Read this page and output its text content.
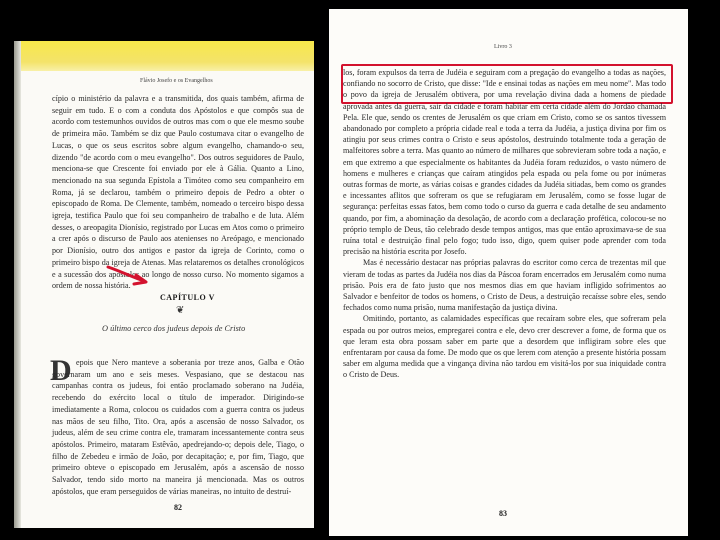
Flávio Josefo e os Evangelhos

cípio o ministério da palavra e a transmitida, dos quais também, afirma de seguir em tudo. E o com a conduta dos Apóstolos e que compôs sua de acordo com testemunhos ouvidos de outros mas com o que ele mesmo soube de primeira mão. Também se diz que Paulo costumava citar o evangelho de Lucas, o que os seus escritos sobre algum evangelho, chamando-o seu, dizendo "de acordo com o meu evangelho". Dos outros seguidores de Paulo, menciona-se que Crescente foi enviado por ele à Gália. Quanto a Lino, mencionado na sua segunda Epístola a Timóteo como seu companheiro em Roma, já se declarou, também o primeiro depois de Pedro a obter o episcopado de Roma. De Clemente, também, nomeado o terceiro bispo dessa igreja, testifica Paulo que foi seu companheiro de trabalho e de luta. Além desses, o areopagita Dionísio, registrado por Lucas em Atos como o primeiro a crer após o discurso de Paulo aos atenienses no Areópago, e mencionado por Dionísio, outro dos antigos e pastor da igreja de Corinto, como o primeiro bispo da igreja de Atenas. Mas relataremos os detalhes cronológicos e a sucessão dos apóstolos ao longo de nosso curso. No momento sigamos a ordem de nossa história.

CAPÍTULO V
❦
O último cerco dos judeus depois de Cristo
D epois que Nero manteve a soberania por treze anos, Galba e Otão governaram um ano e seis meses. Vespasiano, que se destacou nas campanhas contra os judeus, foi então proclamado soberano na Judéia, recebendo do exército local o título de imperador. Dirigindo-se imediatamente a Roma, colocou os cuidados com a guerra contra os judeus nas mãos de seu filho, Tito. Ora, após a ascensão de nosso Salvador, os judeus, além de seu crime contra ele, tramaram incessantemente contra seus apóstolos. Primeiro, mataram Estêvão, apedrejando-o; depois dele, Tiago, o filho de Zebedeu e irmão de João, por decapitação; e, por fim, Tiago, que primeiro obteve o episcopado em Jerusalém, após a ascensão de nosso Salvador, tendo sido morto na maneira já mencionada. Mas os outros apóstolos, que eram perseguidos de várias maneiras, no intuito de destruí-

82
Livro 3

los, foram expulsos da terra de Judéia e seguiram com a pregação do evangelho a todas as nações, confiando no socorro de Cristo, que disse: "Ide e ensinai todas as nações em meu nome". Mas todo o povo da igreja de Jerusalém obtivera, por uma revelação divina dada a homens de piedade aprovada antes da guerra, sair da cidade e foram habitar em certa cidade além do Jordão chamada Pela. Ele que, sendo os crentes de Jerusalém os que criam em Cristo, como se os santos tivessem abandonado por completo a própria cidade real e toda a terra da Judéia, a justiça divina por fim os atingiu por seus crimes contra o Cristo e seus apóstolos, destruindo totalmente toda a geração de malfeitores sobre a terra. Mas quanto ao número de milhares que sobrevieram sobre toda a nação, e em que extremo a que especialmente os habitantes da Judéia foram reduzidos, o vasto número de homens e mulheres e crianças que caíram atingidos pela espada ou pela fome ou por inúmeras outras formas de morte, as várias coisas e grandes cidades da Judéia sitiadas, bem como os grandes e incessantes aflitos que sofreram os que se refugiaram em Jerusalém, como se fosse lugar de segurança: perfeitas essas fatos, bem como todo o curso da guerra e cada detalhe de seu andamento quando, por fim, a abominação da desolação, de acordo com a declaração profética, colocou-se no próprio templo de Deus, tão celebrado desde tempos antigos, mas que então aproximava-se de sua ruína total e destruição final pelo fogo; tudo isso, digo, quem quiser pode aprender com toda precisão na história escrita por Josefo.

Mas é necessário destacar nas próprias palavras do escritor como cerca de trezentas mil que vieram de todas as partes da Judéia nos dias da Páscoa foram encerrados em Jerusalém como numa prisão. Pois era de fato justo que nos mesmos dias em que haviam infligido sofrimentos ao Salvador e benfeitor de todos os homens, o Cristo de Deus, a destruição recaísse sobre eles, sendo fechados como numa prisão, numa manifestação da justiça divina.

Omitindo, portanto, as calamidades específicas que recaíram sobre eles, que sofreram pela espada ou por outros meios, empregarei contra e ele, devo crer descrever a fome, de forma que os que leram esta obra possam saber em parte que a desordem que infligiram sobre eles que enfrentaram por causa da fome. De modo que os que lerem com atenção a presente história possam saber em alguma medida que a vingança divina não tardou em visitá-los por sua iniquidade contra o Cristo de Deus.

83
